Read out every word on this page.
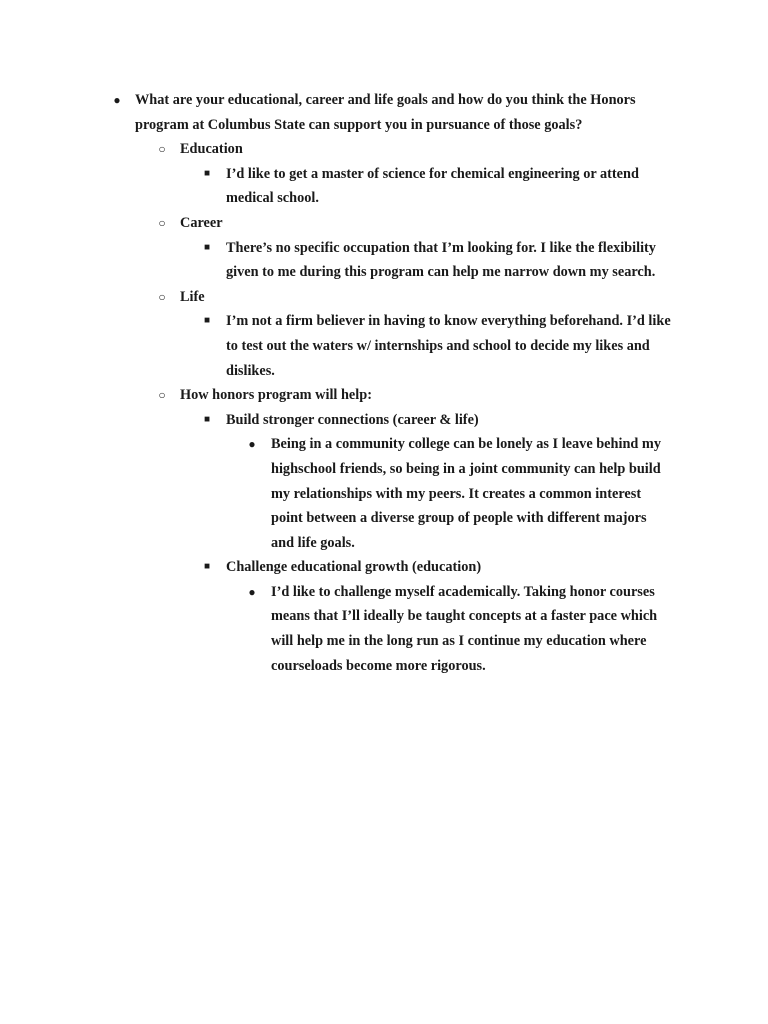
● What are your educational, career and life goals and how do you think the Honors program at Columbus State can support you in pursuance of those goals?
○ Education
■ I’d like to get a master of science for chemical engineering or attend medical school.
○ Career
■ There’s no specific occupation that I’m looking for. I like the flexibility given to me during this program can help me narrow down my search.
○ Life
■ I’m not a firm believer in having to know everything beforehand. I’d like to test out the waters w/ internships and school to decide my likes and dislikes.
○ How honors program will help:
■ Build stronger connections (career & life)
● Being in a community college can be lonely as I leave behind my highschool friends, so being in a joint community can help build my relationships with my peers. It creates a common interest point between a diverse group of people with different majors and life goals.
■ Challenge educational growth (education)
● I’d like to challenge myself academically. Taking honor courses means that I’ll ideally be taught concepts at a faster pace which will help me in the long run as I continue my education where courseloads become more rigorous.
